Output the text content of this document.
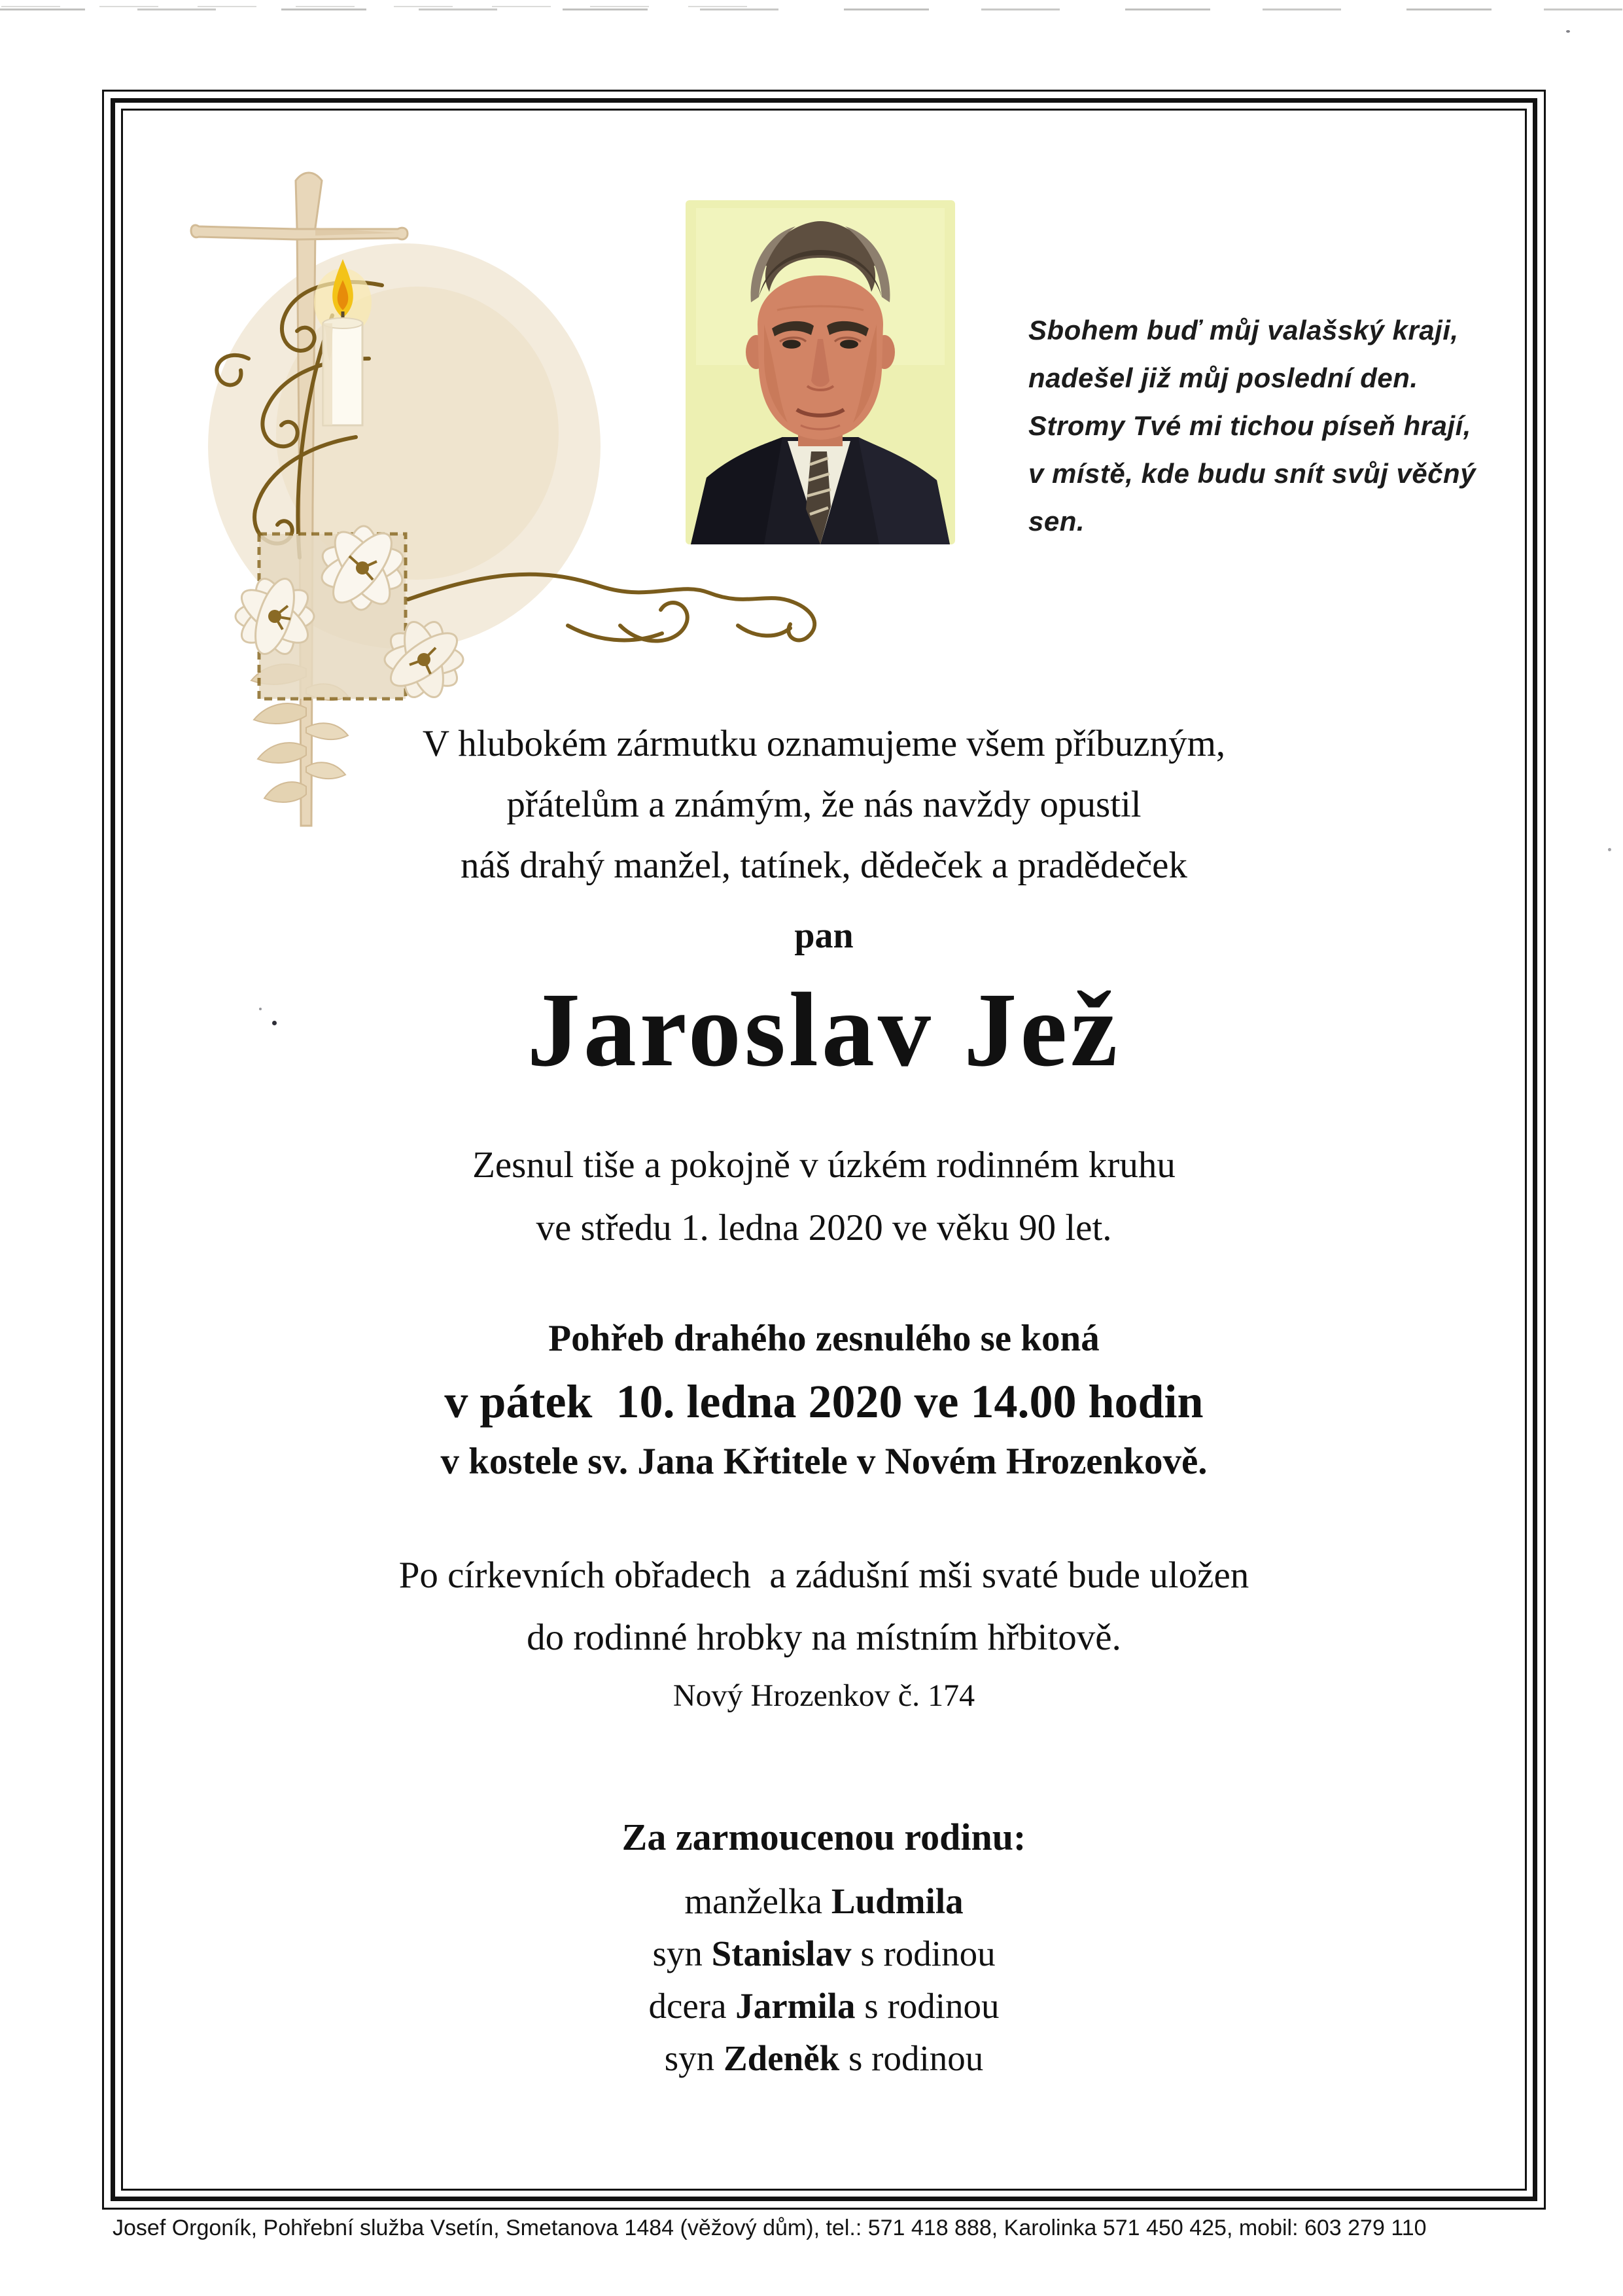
Sbohem buď můj valašský kraji,
nadešel již můj poslední den.
Stromy Tvé mi tichou píseň hrají,
v místě, kde budu snít svůj věčný sen.
V hlubokém zármutku oznamujeme všem příbuzným,
přátelům a známým, že nás navždy opustil
náš drahý manžel, tatínek, dědeček a pradědeček
pan
Jaroslav Jež
Zesnul tiše a pokojně v úzkém rodinném kruhu
ve středu 1. ledna 2020 ve věku 90 let.
Pohřeb drahého zesnulého se koná
v pátek  10. ledna 2020 ve 14.00 hodin
v kostele sv. Jana Křtitele v Novém Hrozenkově.
Po církevních obřadech  a zádušní mši svaté bude uložen
do rodinné hrobky na místním hřbitově.
Nový Hrozenkov č. 174
Za zarmoucenou rodinu:
manželka Ludmila
syn Stanislav s rodinou
dcera Jarmila s rodinou
syn Zdeněk s rodinou
Josef Orgoník, Pohřební služba Vsetín, Smetanova 1484 (věžový dům), tel.: 571 418 888, Karolinka 571 450 425, mobil: 603 279 110
